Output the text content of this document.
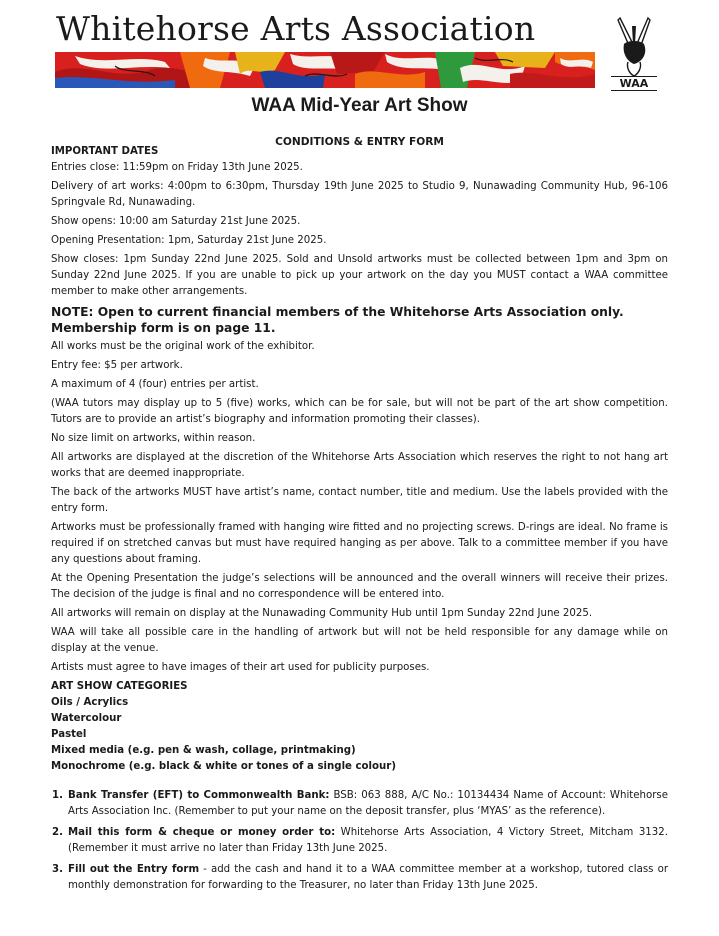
Whitehorse Arts Association
WAA
WAA Mid-Year Art Show

CONDITIONS & ENTRY FORM

IMPORTANT DATES

Entries close: 11:59pm on Friday 13th June 2025.

Delivery of art works: 4:00pm to 6:30pm, Thursday 19th June 2025 to Studio 9, Nunawading Community Hub, 96-106 Springvale Rd, Nunawading.

Show opens: 10:00 am Saturday 21st June 2025.

Opening Presentation: 1pm, Saturday 21st June 2025.

Show closes: 1pm Sunday 22nd June 2025. Sold and Unsold artworks must be collected between 1pm and 3pm on Sunday 22nd June 2025. If you are unable to pick up your artwork on the day you MUST contact a WAA committee member to make other arrangements.

NOTE: Open to current financial members of the Whitehorse Arts Association only. Membership form is on page 11.

All works must be the original work of the exhibitor.

Entry fee: $5 per artwork.

A maximum of 4 (four) entries per artist.

(WAA tutors may display up to 5 (five) works, which can be for sale, but will not be part of the art show competition. Tutors are to provide an artist’s biography and information promoting their classes).

No size limit on artworks, within reason.

All artworks are displayed at the discretion of the Whitehorse Arts Association which reserves the right to not hang art works that are deemed inappropriate.

The back of the artworks MUST have artist’s name, contact number, title and medium. Use the labels provided with the entry form.

Artworks must be professionally framed with hanging wire fitted and no projecting screws. D-rings are ideal. No frame is required if on stretched canvas but must have required hanging as per above. Talk to a committee member if you have any questions about framing.

At the Opening Presentation the judge’s selections will be announced and the overall winners will receive their prizes. The decision of the judge is final and no correspondence will be entered into.

All artworks will remain on display at the Nunawading Community Hub until 1pm Sunday 22nd June 2025.

WAA will take all possible care in the handling of artwork but will not be held responsible for any damage while on display at the venue.

Artists must agree to have images of their art used for publicity purposes.

ART SHOW CATEGORIES

Oils / Acrylics

Watercolour

Pastel

Mixed media (e.g. pen & wash, collage, printmaking)

Monochrome (e.g. black & white or tones of a single colour)

1. Bank Transfer (EFT) to Commonwealth Bank: BSB: 063 888, A/C No.: 10134434 Name of Account: Whitehorse Arts Association Inc. (Remember to put your name on the deposit transfer, plus ‘MYAS’ as the reference).
2. Mail this form & cheque or money order to: Whitehorse Arts Association, 4 Victory Street, Mitcham 3132. (Remember it must arrive no later than Friday 13th June 2025.
3. Fill out the Entry form - add the cash and hand it to a WAA committee member at a workshop, tutored class or monthly demonstration for forwarding to the Treasurer, no later than Friday 13th June 2025.
